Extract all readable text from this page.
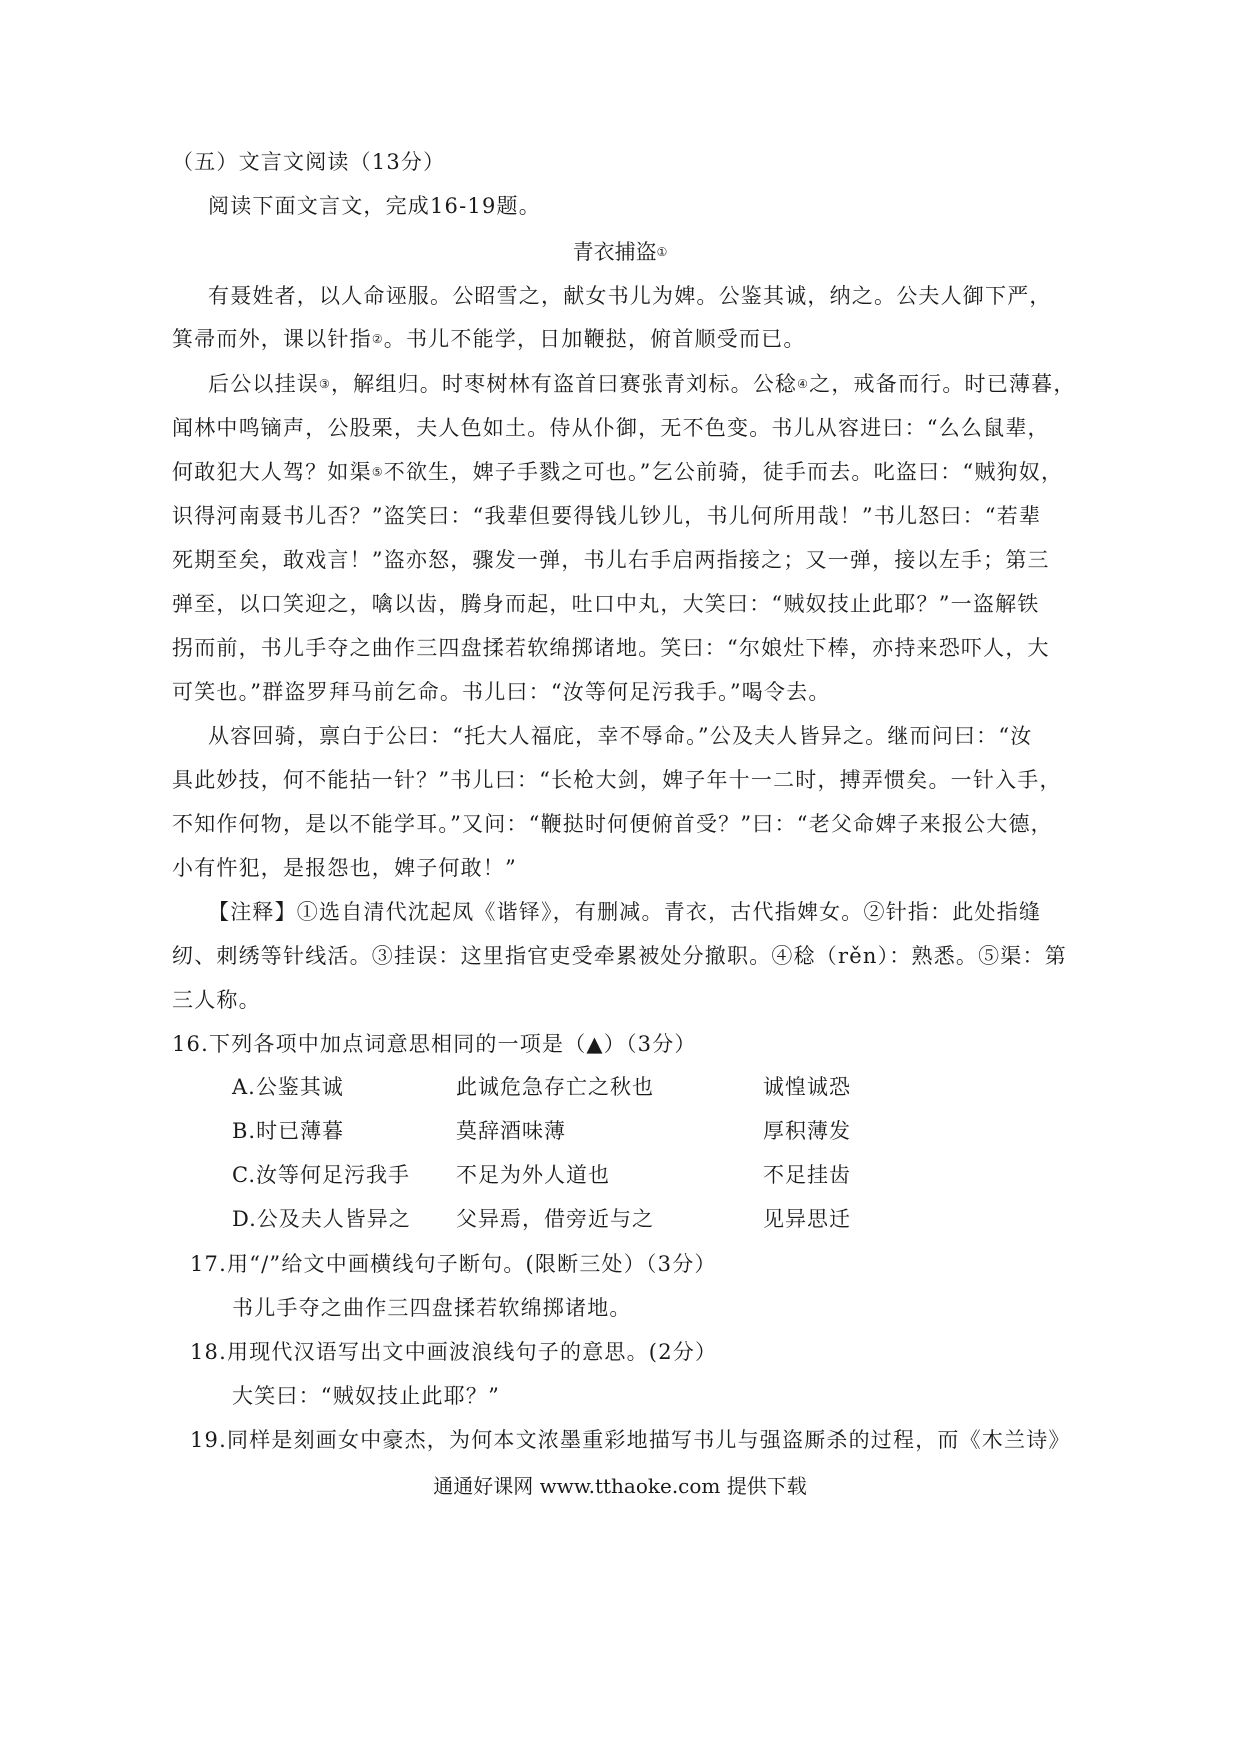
（五）文言文阅读（13分）
阅读下面文言文，完成16-19题。
青衣捕盗①
有聂姓者，以人命诬服。公昭雪之，献女书儿为婢。公鉴其诚，纳之。公夫人御下严，
箕帚而外，课以针指②。书儿不能学，日加鞭挞，俯首顺受而已。
后公以挂误③，解组归。时枣树林有盗首曰赛张青刘标。公稔④之，戒备而行。时已薄暮，
闻林中鸣镝声，公股栗，夫人色如土。侍从仆御，无不色变。书儿从容进曰：“么么鼠辈，
何敢犯大人驾？如渠⑤不欲生，婢子手戮之可也。”乞公前骑，徒手而去。叱盗曰：“贼狗奴，
识得河南聂书儿否？”盗笑曰：“我辈但要得钱儿钞儿，书儿何所用哉！”书儿怒曰：“若辈
死期至矣，敢戏言！”盗亦怒，骤发一弹，书儿右手启两指接之；又一弹，接以左手；第三
弹至，以口笑迎之，噙以齿，腾身而起，吐口中丸，大笑曰：“贼奴技止此耶？”一盗解铁
拐而前，书儿手夺之曲作三四盘揉若软绵掷诸地。笑曰：“尔娘灶下棒，亦持来恐吓人，大
可笑也。”群盗罗拜马前乞命。书儿曰：“汝等何足污我手。”喝令去。
从容回骑，禀白于公曰：“托大人福庇，幸不辱命。”公及夫人皆异之。继而问曰：“汝
具此妙技，何不能拈一针？”书儿曰：“长枪大剑，婢子年十一二时，搏弄惯矣。一针入手，
不知作何物，是以不能学耳。”又问：“鞭挞时何便俯首受？”曰：“老父命婢子来报公大德，
小有忤犯，是报怨也，婢子何敢！”
【注释】①选自清代沈起凤《谐铎》，有删减。青衣，古代指婢女。②针指：此处指缝
纫、刺绣等针线活。③挂误：这里指官吏受牵累被处分撤职。④稔（rěn）：熟悉。⑤渠：第
三人称。
16.下列各项中加点词意思相同的一项是（▲）（3分）
A.公鉴其诚	此诚危急存亡之秋也	诚惶诚恐
B.时已薄暮	莫辞酒味薄	厚积薄发
C.汝等何足污我手 不足为外人道也	不足挂齿
D.公及夫人皆异之 父异焉，借旁近与之	见异思迁
17.用“/”给文中画横线句子断句。(限断三处）（3分）
书儿手夺之曲作三四盘揉若软绵掷诸地。
18.用现代汉语写出文中画波浪线句子的意思。(2分）
大笑曰：“贼奴技止此耶？”
19.同样是刻画女中豪杰，为何本文浓墨重彩地描写书儿与强盗厮杀的过程，而《木兰诗》
通通好课网 www.tthaoke.com 提供下载
